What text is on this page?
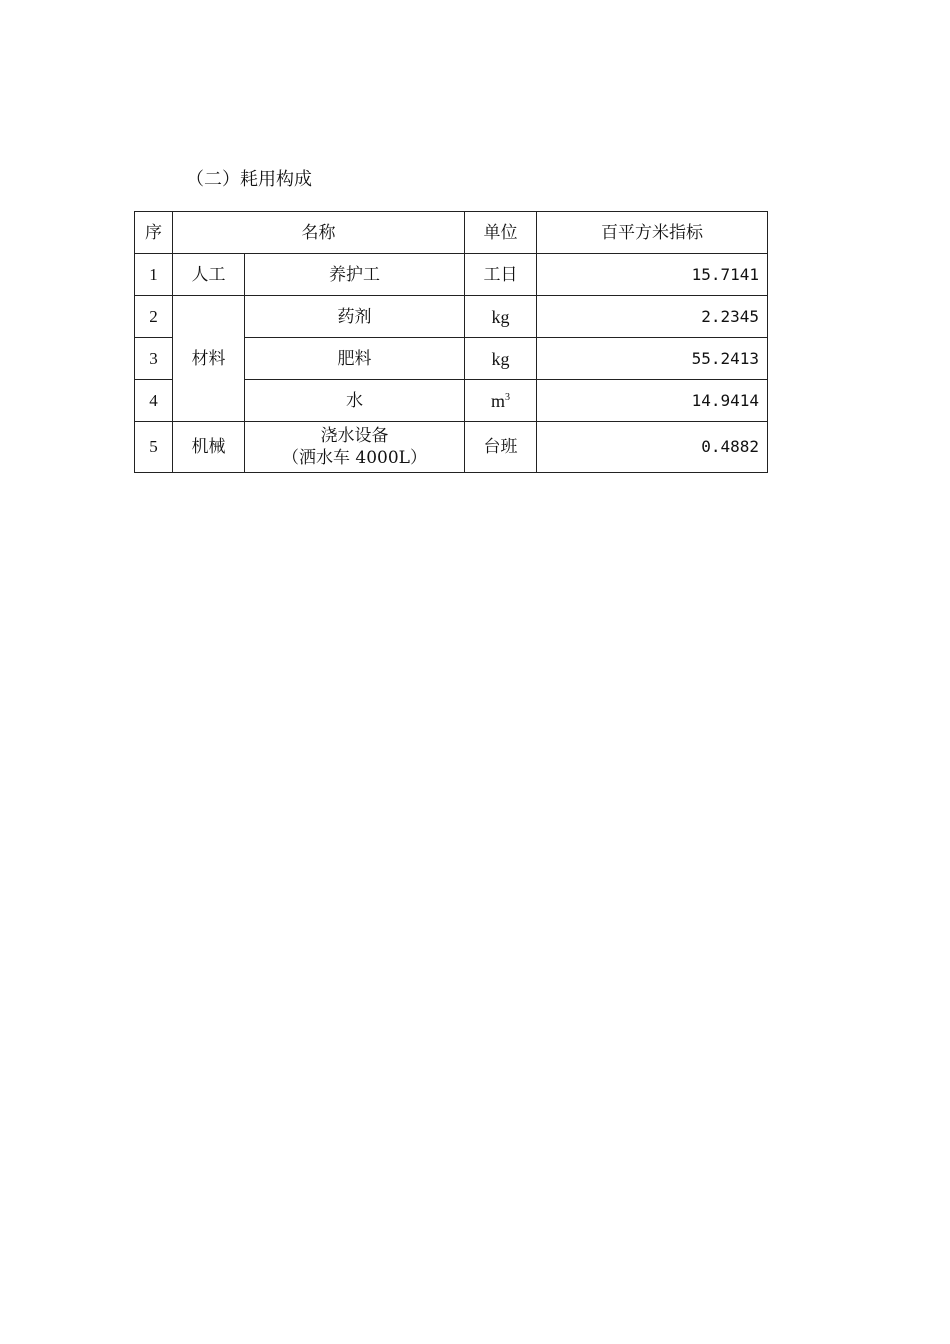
（二）耗用构成
序	名称		单位	百平方米指标
1	人工	养护工	工日	15.7141
2	材料	药剂	kg	2.2345
3		肥料	kg	55.2413
4		水	$m^3$	14.9414
5	机械	浇水设备
（洒水车 4000L）	台班	0.4882
